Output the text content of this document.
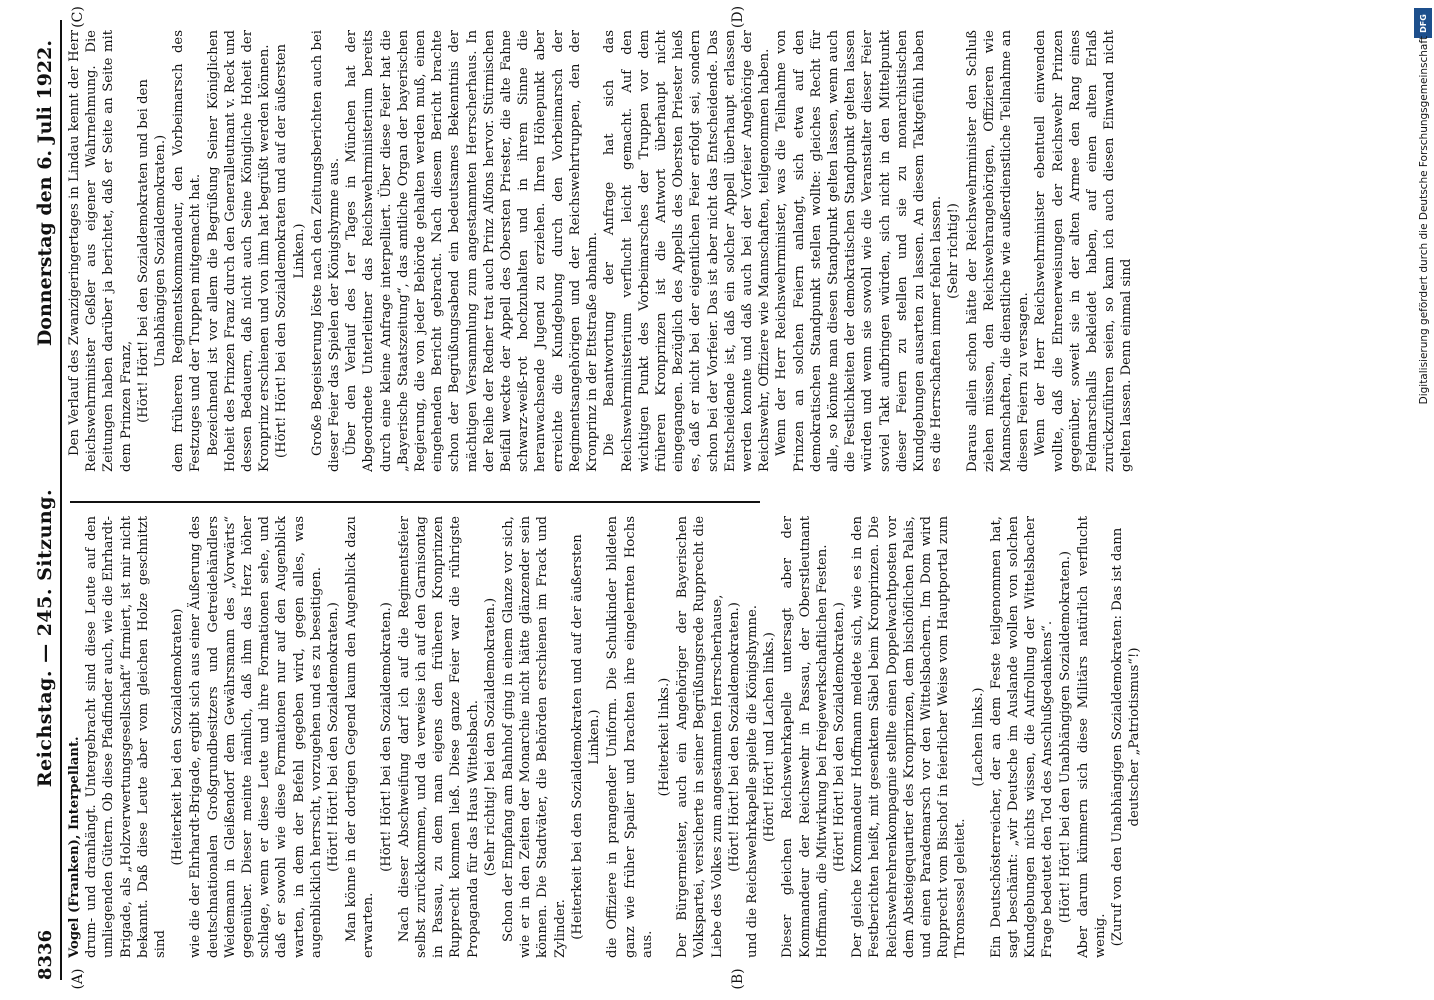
8336
Reichstag. — 245. Sitzung.
Donnerstag den 6. Juli 1922.
(A)	(B)
(C)	(D)

Vogel (Franken), Interpellant. drum- und dranhängt. Untergebracht sind diese Leute auf den umliegenden Gütern. Ob diese Pfadfinder auch, wie die Ehrhardt-Brigade, als „Holzverwertungsgesellschaft“ firmiert, ist mir nicht bekannt. Daß diese Leute aber vom gleichen Holze geschnitzt sind

(Heiterkeit bei den Sozialdemokraten) wie die der Ehrhardt-Brigade, ergibt sich aus einer Äußerung des deutschnationalen Großgrundbesitzers und Getreidehändlers Weidemann in Gleißendorf dem Gewährsmann des „Vorwärts“ gegenüber. Dieser meinte nämlich, daß ihm das Herz höher schlage, wenn er diese Leute und ihre Formationen sehe, und daß er sowohl wie diese Formationen nur auf den Augenblick warten, in dem der Befehl gegeben wird, gegen alles, was augenblicklich herrscht, vorzugehen und es zu beseitigen. (Hört! Hört! bei den Sozialdemokraten.) Man könne in der dortigen Gegend kaum den Augenblick dazu erwarten.

(Hört! Hört! bei den Sozialdemokraten.) Nach dieser Abschweifung darf ich auf die Regimentsfeier selbst zurückkommen, und da verweise ich auf den Garnisontag in Passau, zu dem man eigens den früheren Kronprinzen Rupprecht kommen ließ. Diese ganze Feier war die rührigste Propaganda für das Haus Wittelsbach. (Sehr richtig! bei den Sozialdemokraten.) Schon der Empfang am Bahnhof ging in einem Glanze vor sich, wie er in den Zeiten der Monarchie nicht hätte glänzender sein können. Die Stadtväter, die Behörden erschienen im Frack und Zylinder. (Heiterkeit bei den Sozialdemokraten und auf der äußersten Linken.) die Offiziere in prangender Uniform. Die Schulkinder bildeten ganz wie früher Spalier und brachten ihre eingelernten Hochs aus.

(Heiterkeit links.) Der Bürgermeister, auch ein Angehöriger der Bayerischen Volkspartei, versicherte in seiner Begrüßungsrede Rupprecht die Liebe des Volkes zum angestammten Herrscherhause, (Hört! Hört! bei den Sozialdemokraten.) und die Reichswehrkapelle spielte die Königshymne. (Hört! Hört! und Lachen links.) Dieser gleichen Reichswehrkapelle untersagt aber der Kommandeur der Reichswehr in Passau, der Oberstleutnant Hoffmann, die Mitwirkung bei freigewerkschaftlichen Festen. (Hört! Hört! bei den Sozialdemokraten.) Der gleiche Kommandeur Hoffmann meldete sich, wie es in den Festberichten heißt, mit gesenktem Säbel beim Kronprinzen. Die Reichswehrehrenkompagnie stellte einen Doppelwachtposten vor dem Absteigequartier des Kronprinzen, dem bischöflichen Palais, und einen Parademarsch vor den Wittelsbachern. Im Dom wird Rupprecht vom Bischof in feierlicher Weise vom Hauptportal zum Thronsessel geleitet.

(Lachen links.) Ein Deutschösterreicher, der an dem Feste teilgenommen hat, sagt beschämt: „wir Deutsche im Auslande wollen von solchen Kundgebungen nichts wissen, die Aufrollung der Wittelsbacher Frage bedeutet den Tod des Anschlußgedankens“. (Hört! Hört! bei den Unabhängigen Sozialdemokraten.) Aber darum kümmern sich diese Militärs natürlich verflucht wenig. (Zuruf von den Unabhängigen Sozialdemokraten: Das ist dann deutscher „Patriotismus“!)

Den Verlauf des Zwanzigeringertages in Lindau kennt der Herr Reichswehrminister Geßler aus eigener Wahrnehmung. Die Zeitungen haben darüber ja berichtet, daß er Seite an Seite mit dem Prinzen Franz, (Hört! Hört! bei den Sozialdemokraten und bei den Unabhängigen Sozialdemokraten.) dem früheren Regimentskommandeur, den Vorbeimarsch des Festzuges und der Truppen mitgemacht hat. Bezeichnend ist vor allem die Begrüßung Seiner Königlichen Hoheit des Prinzen Franz durch den Generalleutnant v. Reck und dessen Bedauern, daß nicht auch Seine Königliche Hoheit der Kronprinz erschienen und von ihm hat begrüßt werden können. (Hört! Hört! bei den Sozialdemokraten und auf der äußersten Linken.) Große Begeisterung löste nach den Zeitungsberichten auch bei dieser Feier das Spielen der Königshymne aus. Über den Verlauf des 1er Tages in München hat der Abgeordnete Unterleitner das Reichswehrministerium bereits durch eine kleine Anfrage interpelliert. Über diese Feier hat die „Bayerische Staatszeitung“, das amtliche Organ der bayerischen Regierung, die von jeder Behörde gehalten werden muß, einen eingehenden Bericht gebracht. Nach diesem Bericht brachte schon der Begrüßungsabend ein bedeutsames Bekenntnis der mächtigen Versammlung zum angestammten Herrscherhaus. In der Reihe der Redner trat auch Prinz Alfons hervor. Stürmischen Beifall weckte der Appell des Obersten Priester, die alte Fahne schwarz-weiß-rot hochzuhalten und in ihrem Sinne die heranwachsende Jugend zu erziehen. Ihren Höhepunkt aber erreichte die Kundgebung durch den Vorbeimarsch der Regimentsangehörigen und der Reichswehrtruppen, den der Kronprinz in der Ettstraße abnahm. Die Beantwortung der Anfrage hat sich das Reichswehrministerium verflucht leicht gemacht. Auf den wichtigen Punkt des Vorbeimarsches der Truppen vor dem früheren Kronprinzen ist die Antwort überhaupt nicht eingegangen. Bezüglich des Appells des Obersten Priester hieß es, daß er nicht bei der eigentlichen Feier erfolgt sei, sondern schon bei der Vorfeier. Das ist aber nicht das Entscheidende. Das Entscheidende ist, daß ein solcher Appell überhaupt erlassen werden konnte und daß auch bei der Vorfeier Angehörige der Reichswehr, Offiziere wie Mannschaften, teilgenommen haben. Wenn der Herr Reichswehrminister, was die Teilnahme von Prinzen an solchen Feiern anlangt, sich etwa auf den demokratischen Standpunkt stellen wollte: gleiches Recht für alle, so könnte man diesen Standpunkt gelten lassen, wenn auch die Festlichkeiten der demokratischen Standpunkt gelten lassen würden und wenn sie sowohl wie die Veranstalter dieser Feier soviel Takt aufbringen würden, sich nicht in den Mittelpunkt dieser Feiern zu stellen und sie zu monarchistischen Kundgebungen ausarten zu lassen. An diesem Taktgefühl haben es die Herrschaften immer fehlen lassen. (Sehr richtig!) Daraus allein schon hätte der Reichswehrminister den Schluß ziehen müssen, den Reichswehrangehörigen, Offizieren wie Mannschaften, die dienstliche wie außerdienstliche Teilnahme an diesen Feiern zu versagen. Wenn der Herr Reichswehrminister ebentuell einwenden wollte, daß die Ehrenerweisungen der Reichswehr Prinzen gegenüber, soweit sie in der alten Armee den Rang eines Feldmarschalls bekleidet haben, auf einen alten Erlaß zurückzuführen seien, so kann ich auch diesen Einwand nicht gelten lassen. Denn einmal sind

DFG
Digitalisierung gefördert durch die Deutsche Forschungsgemeinschaft
